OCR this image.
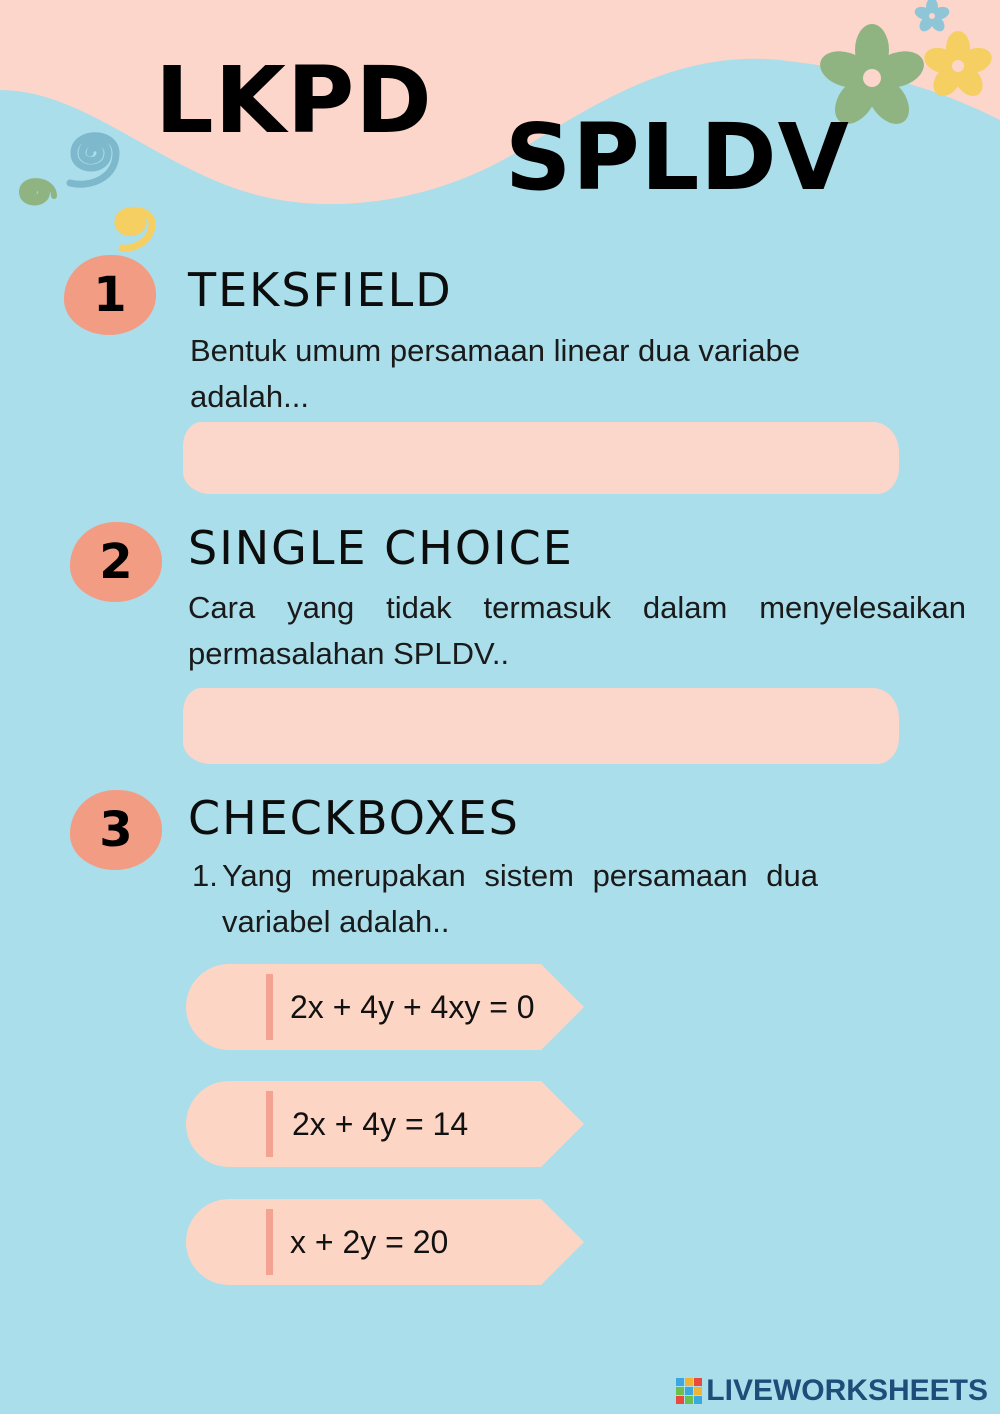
LKPD
SPLDV
1	TEKSFIELD

Bentuk umum persamaan linear dua variabe adalah...

2	SINGLE CHOICE

Cara yang tidak termasuk dalam menyelesaikan permasalahan SPLDV..

3	CHECKBOXES
1. Yang merupakan sistem persamaan dua variabel adalah..

2x + 4y + 4xy = 0
2x + 4y = 14
x + 2y = 20
LIVEWORKSHEETS
